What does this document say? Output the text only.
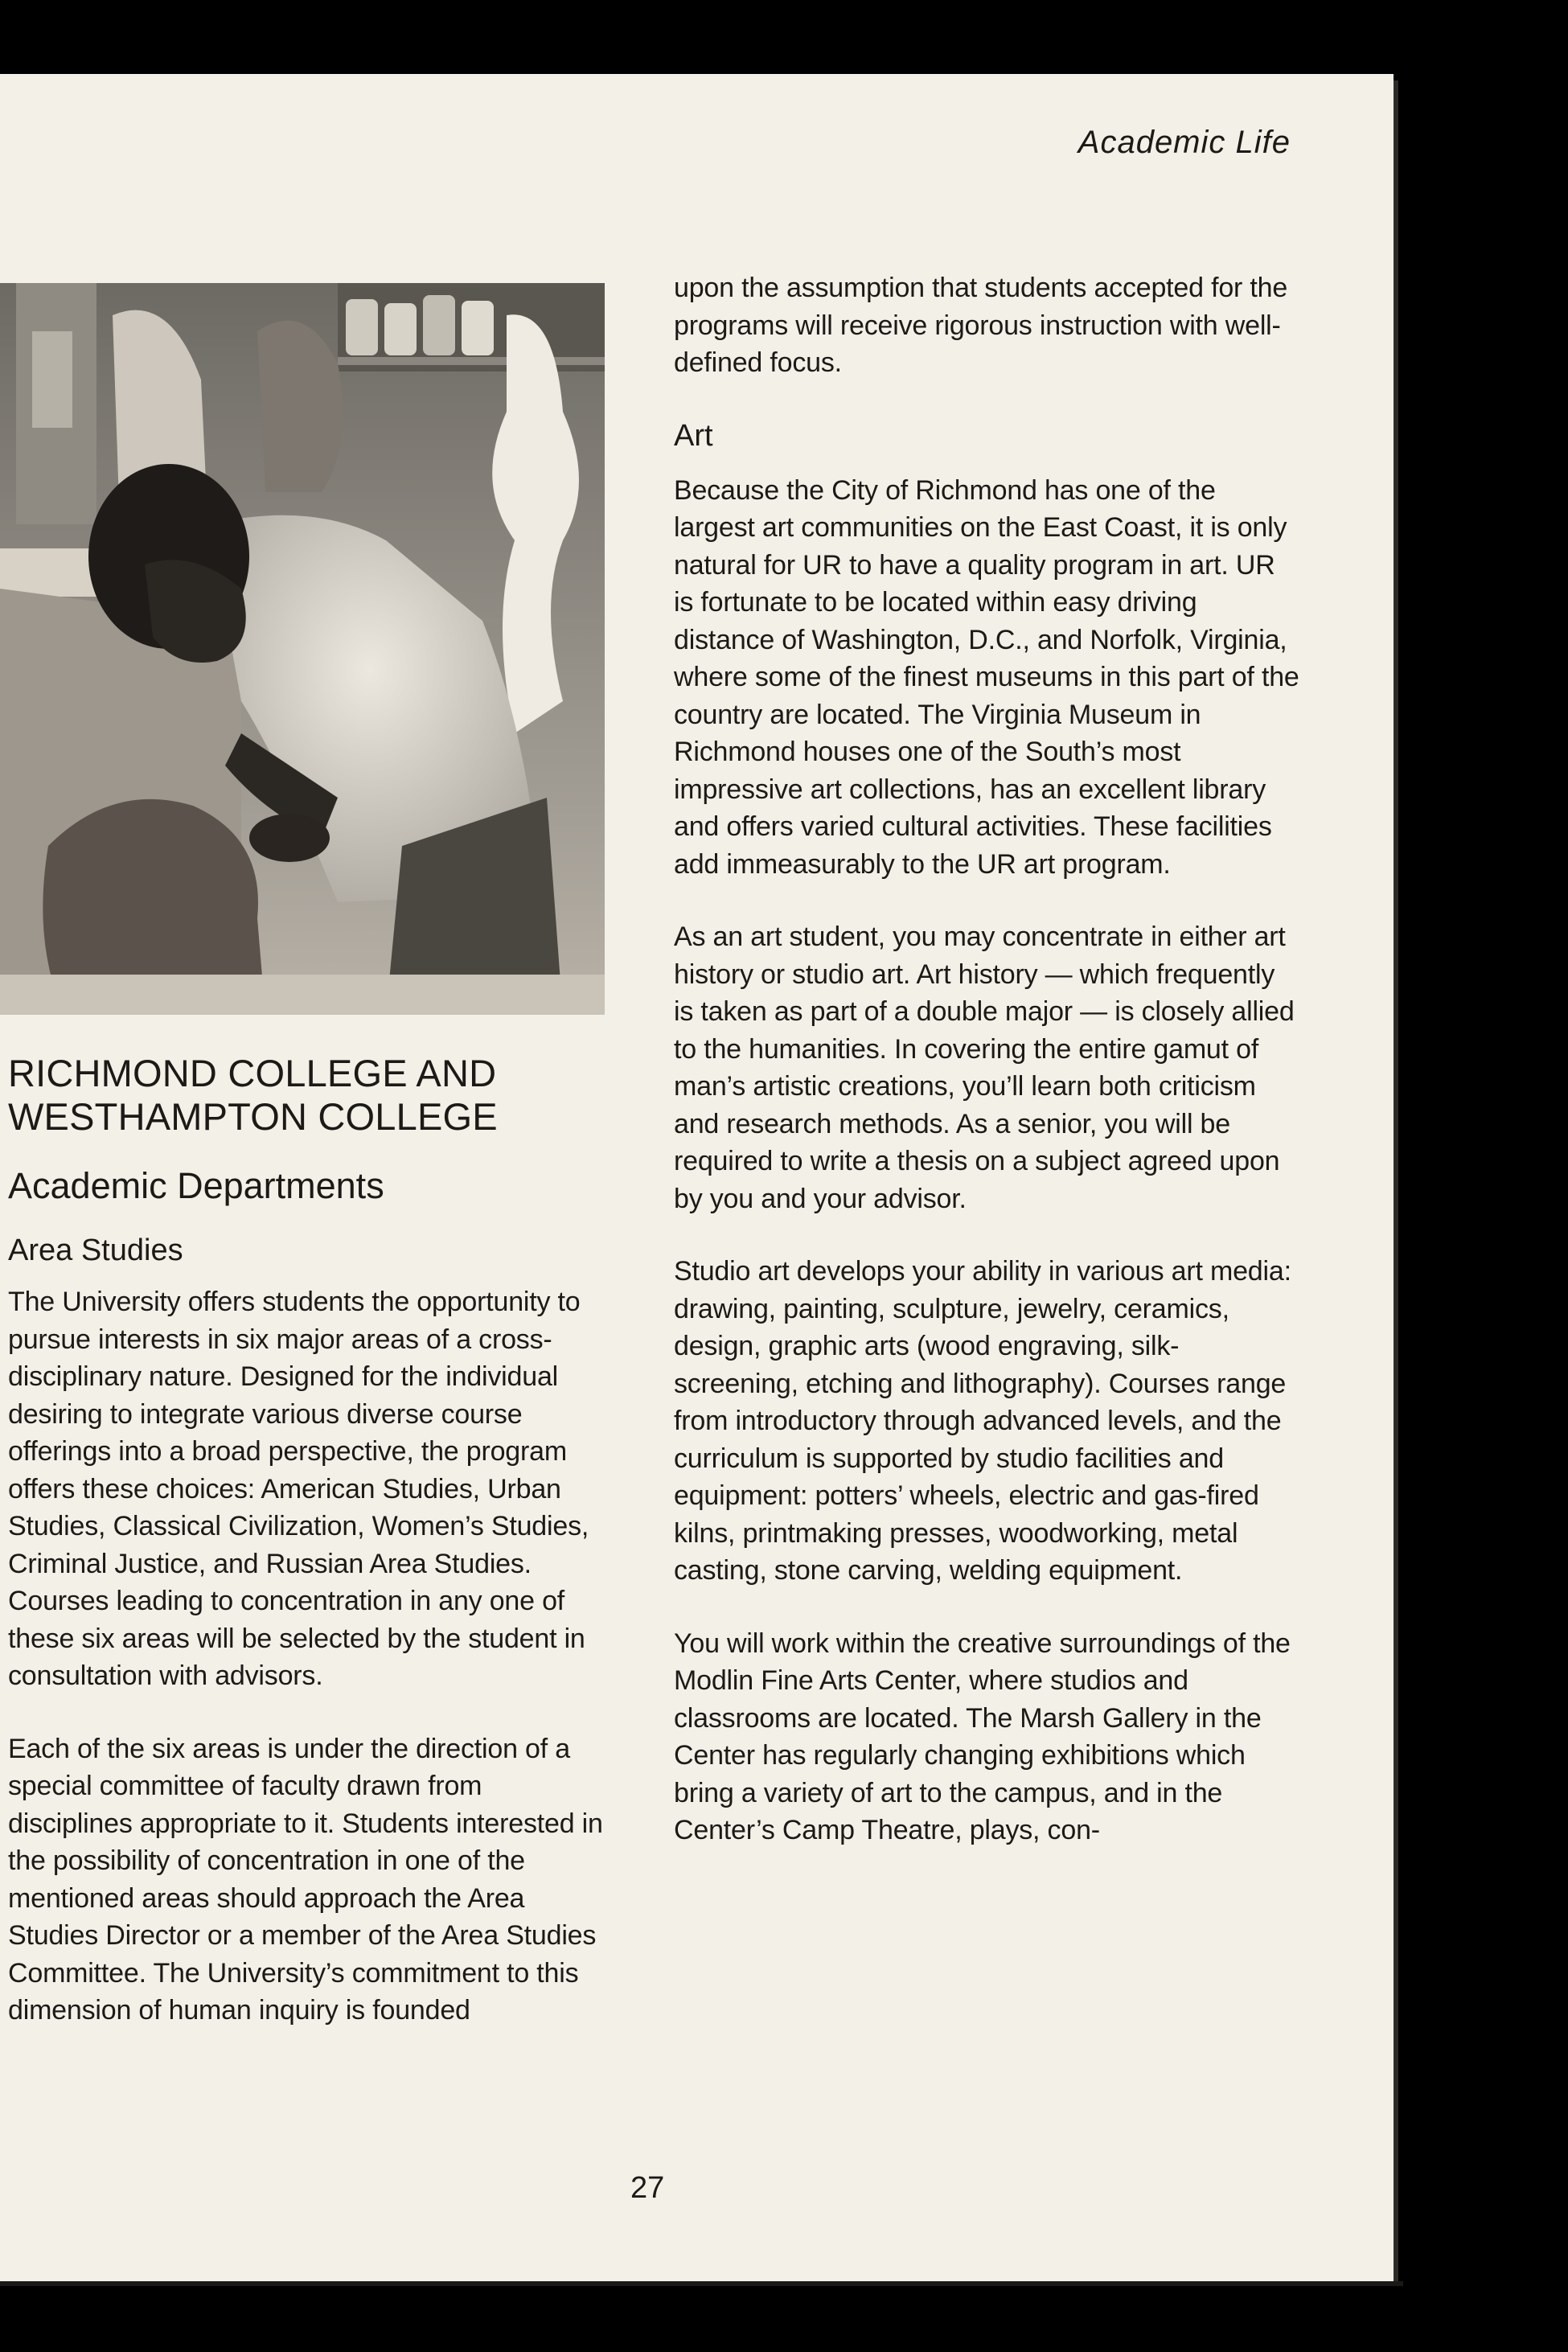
Academic Life
RICHMOND COLLEGE AND WESTHAMPTON COLLEGE
Academic Departments
Area Studies

The University offers students the opportunity to pursue interests in six major areas of a cross-disciplinary nature. Designed for the individual desiring to integrate various diverse course offerings into a broad perspective, the program offers these choices: American Studies, Urban Studies, Classical Civilization, Women’s Studies, Criminal Justice, and Russian Area Studies. Courses leading to concentration in any one of these six areas will be selected by the student in consultation with advisors.

Each of the six areas is under the direction of a special committee of faculty drawn from disciplines appropriate to it. Students interested in the possibility of concentration in one of the mentioned areas should approach the Area Studies Director or a member of the Area Studies Committee. The University’s commitment to this dimension of human inquiry is founded

upon the assumption that students accepted for the programs will receive rigorous instruction with well-defined focus.

Art

Because the City of Richmond has one of the largest art communities on the East Coast, it is only natural for UR to have a quality program in art. UR is fortunate to be located within easy driving distance of Washington, D.C., and Norfolk, Virginia, where some of the finest museums in this part of the country are located. The Virginia Museum in Richmond houses one of the South’s most impressive art collections, has an excellent library and offers varied cultural activities. These facilities add immeasurably to the UR art program.

As an art student, you may concentrate in either art history or studio art. Art history — which frequently is taken as part of a double major — is closely allied to the humanities. In covering the entire gamut of man’s artistic creations, you’ll learn both criticism and research methods. As a senior, you will be required to write a thesis on a subject agreed upon by you and your advisor.

Studio art develops your ability in various art media: drawing, painting, sculpture, jewelry, ceramics, design, graphic arts (wood engraving, silk-screening, etching and lithography). Courses range from introductory through advanced levels, and the curriculum is supported by studio facilities and equipment: potters’ wheels, electric and gas-fired kilns, printmaking presses, woodworking, metal casting, stone carving, welding equipment.

You will work within the creative surroundings of the Modlin Fine Arts Center, where studios and classrooms are located. The Marsh Gallery in the Center has regularly changing exhibitions which bring a variety of art to the campus, and in the Center’s Camp Theatre, plays, con-

27
